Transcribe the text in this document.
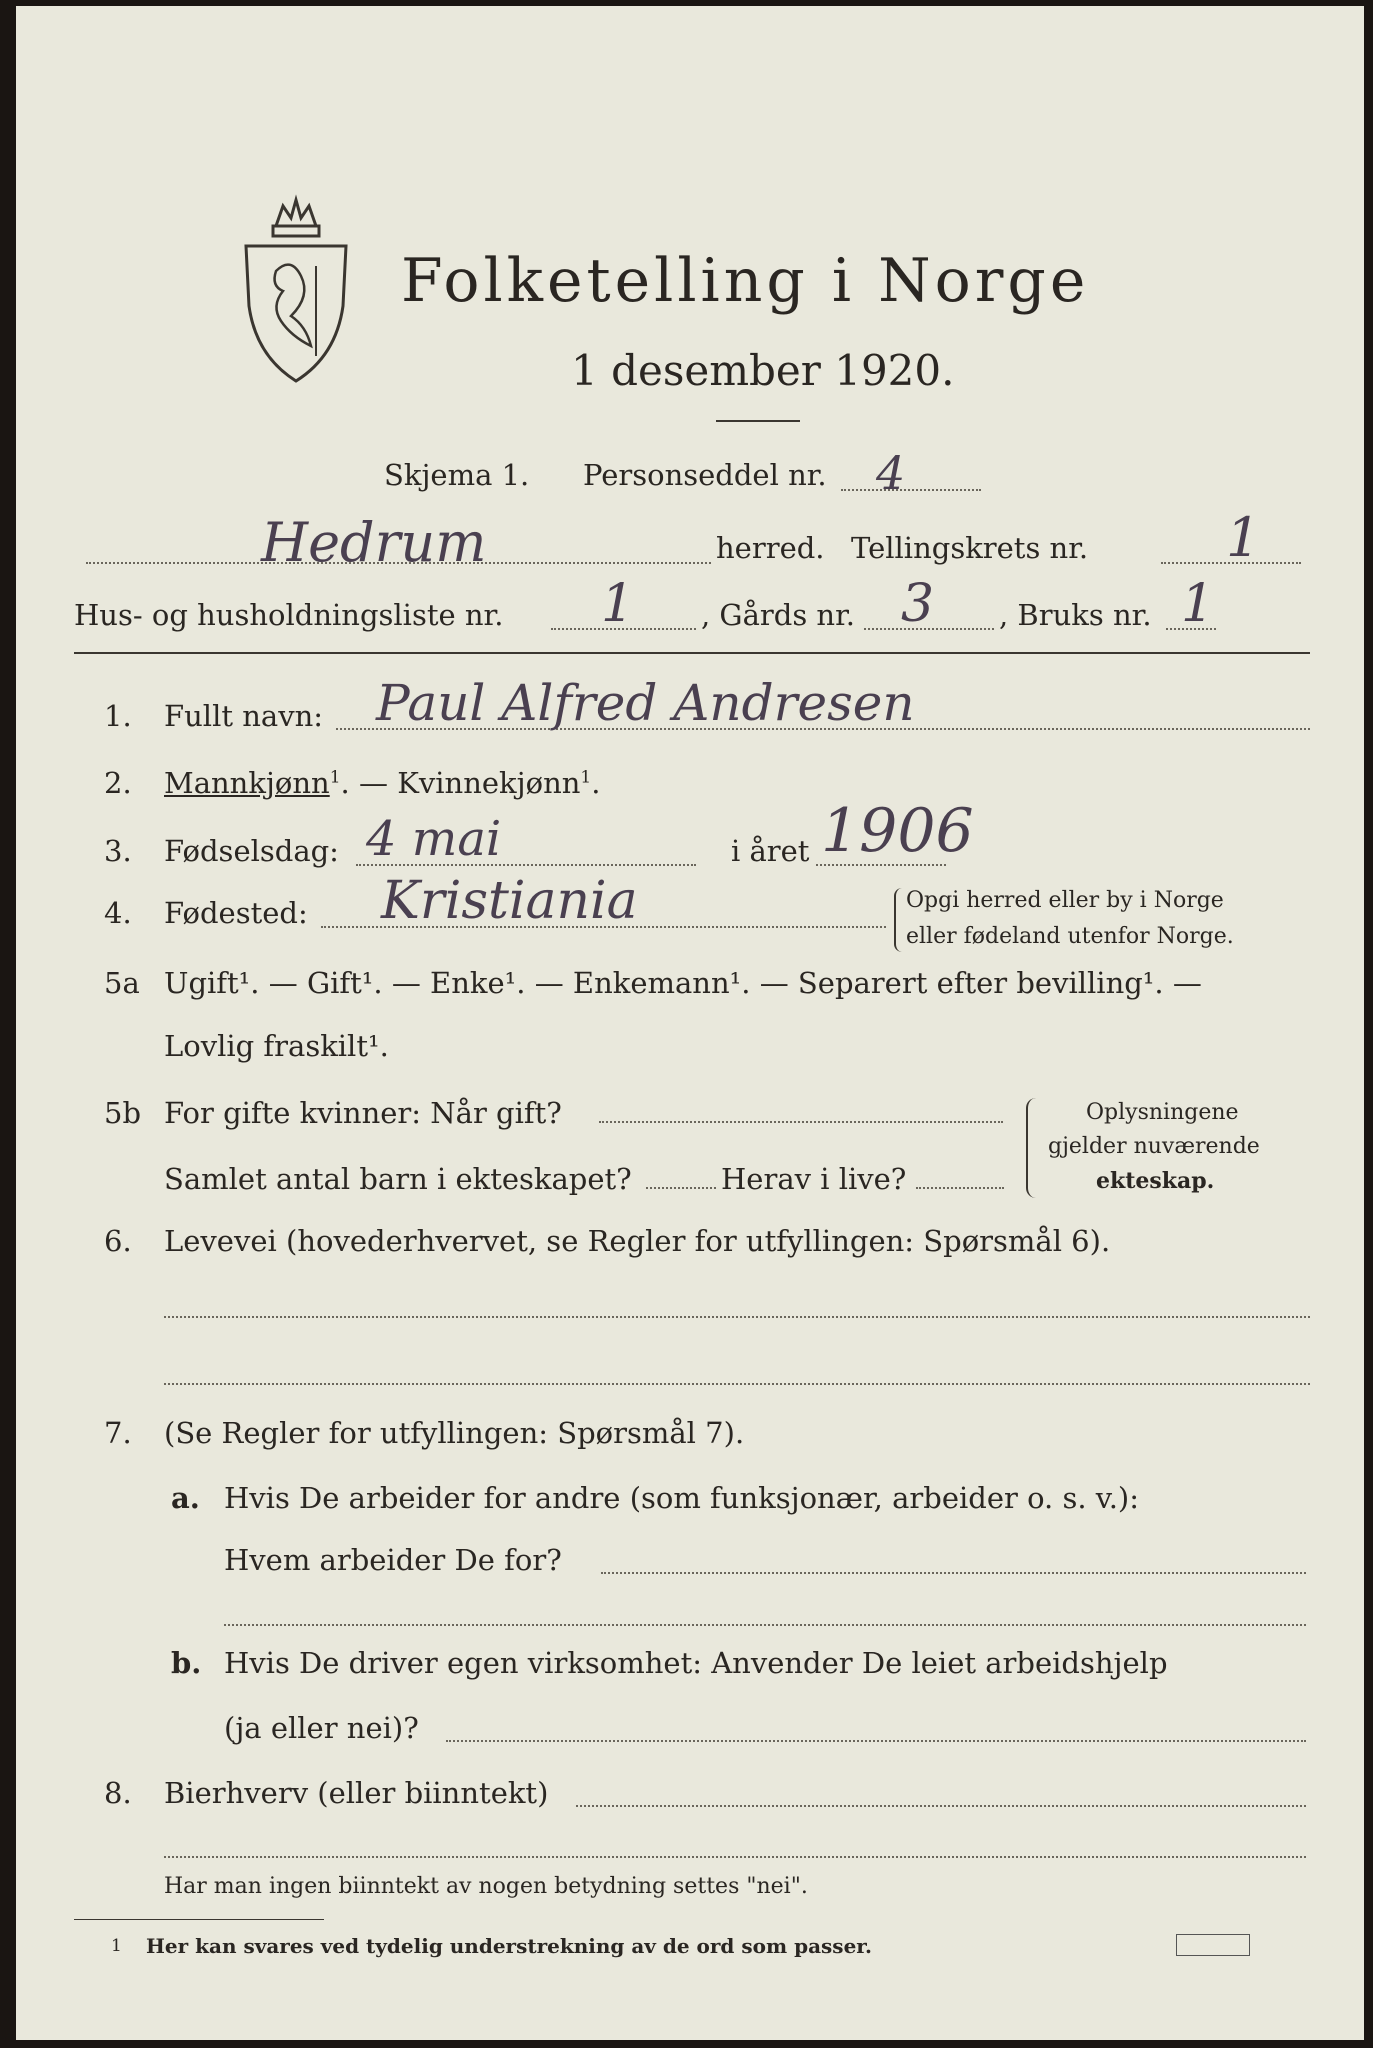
Folketelling i Norge
1 desember 1920.
Skjema 1. Personseddel nr. 4
Hedrum	herred. Tellingskrets nr.	1
Hus- og husholdningsliste nr. 1 , Gårds nr. 3 , Bruks nr. 1
1. Fullt navn: Paul Alfred Andresen
2. Mannkjønn$^1$. — Kvinnekjønn$^1$.
3. Fødselsdag: 4 mai	i året 1906
4. Fødested: Kristiania	Opgi herred eller by i Norge
eller fødeland utenfor Norge.
5a Ugift¹. — Gift¹. — Enke¹. — Enkemann¹. — Separert efter bevilling¹. —
Lovlig fraskilt¹.
5b For gifte kvinner: Når gift?
Samlet antal barn i ekteskapet?	Herav i live?
Oplysningene
gjelder nuværende
ekteskap.
6. Levevei (hovederhvervet, se Regler for utfyllingen: Spørsmål 6).
7. (Se Regler for utfyllingen: Spørsmål 7).
a. Hvis De arbeider for andre (som funksjonær, arbeider o. s. v.):
Hvem arbeider De for?
b. Hvis De driver egen virksomhet: Anvender De leiet arbeidshjelp
(ja eller nei)?
8. Bierhverv (eller biinntekt)
Har man ingen biinntekt av nogen betydning settes "nei".
1 Her kan svares ved tydelig understrekning av de ord som passer.
